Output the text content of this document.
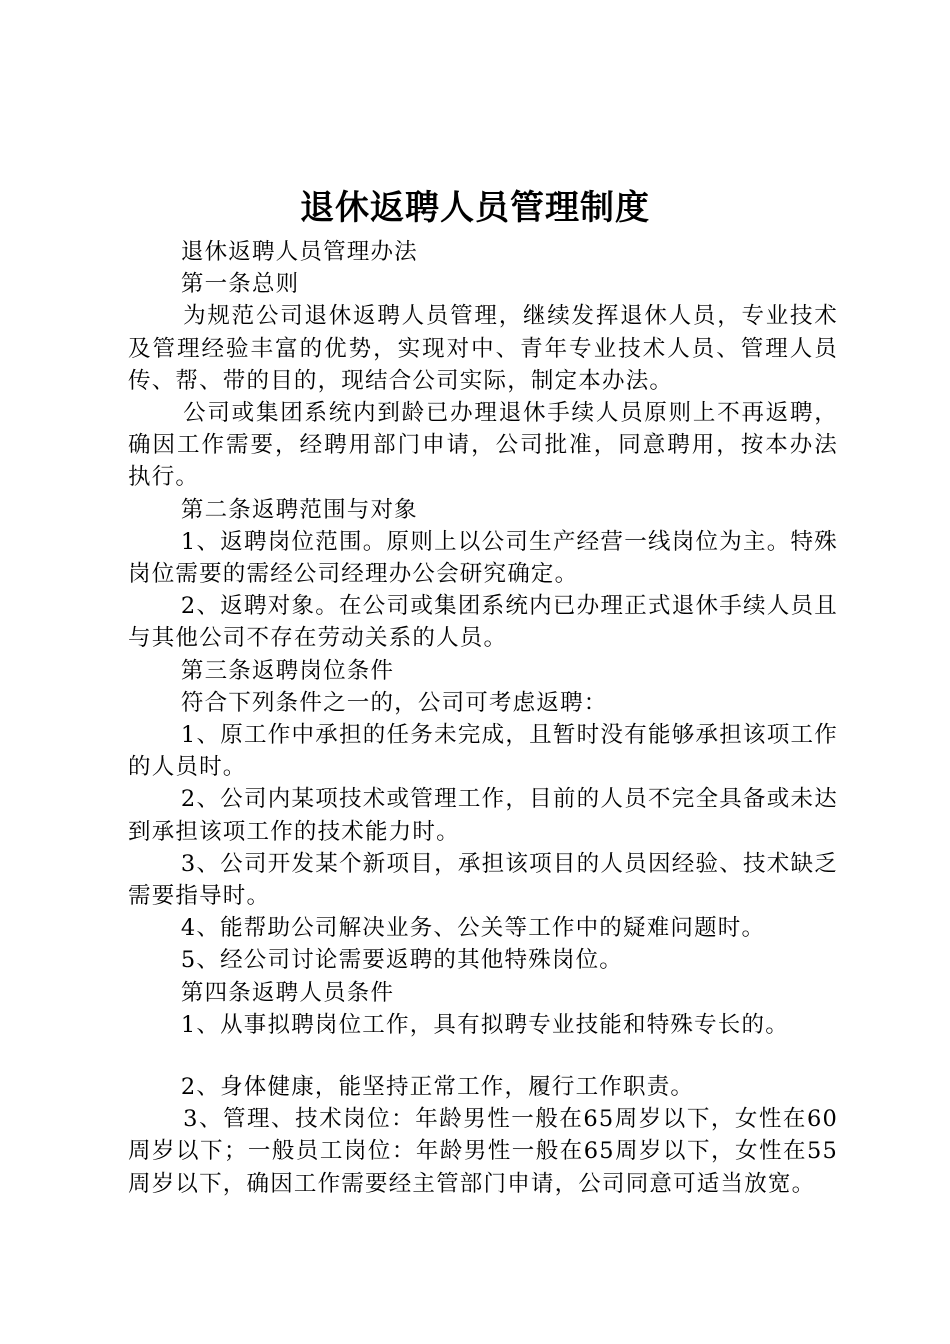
退休返聘人员管理制度

退休返聘人员管理办法

第一条总则

为规范公司退休返聘人员管理，继续发挥退休人员，专业技术及管理经验丰富的优势，实现对中、青年专业技术人员、管理人员传、帮、带的目的，现结合公司实际，制定本办法。

公司或集团系统内到龄已办理退休手续人员原则上不再返聘，确因工作需要，经聘用部门申请，公司批准，同意聘用，按本办法执行。

第二条返聘范围与对象

1、返聘岗位范围。原则上以公司生产经营一线岗位为主。特殊岗位需要的需经公司经理办公会研究确定。

2、返聘对象。在公司或集团系统内已办理正式退休手续人员且与其他公司不存在劳动关系的人员。

第三条返聘岗位条件

符合下列条件之一的，公司可考虑返聘：

1、原工作中承担的任务未完成，且暂时没有能够承担该项工作的人员时。

2、公司内某项技术或管理工作，目前的人员不完全具备或未达到承担该项工作的技术能力时。

3、公司开发某个新项目，承担该项目的人员因经验、技术缺乏需要指导时。

4、能帮助公司解决业务、公关等工作中的疑难问题时。

5、经公司讨论需要返聘的其他特殊岗位。

第四条返聘人员条件

1、从事拟聘岗位工作，具有拟聘专业技能和特殊专长的。

2、身体健康，能坚持正常工作，履行工作职责。

3、管理、技术岗位：年龄男性一般在65周岁以下，女性在60周岁以下；一般员工岗位：年龄男性一般在65周岁以下，女性在55周岁以下，确因工作需要经主管部门申请，公司同意可适当放宽。
